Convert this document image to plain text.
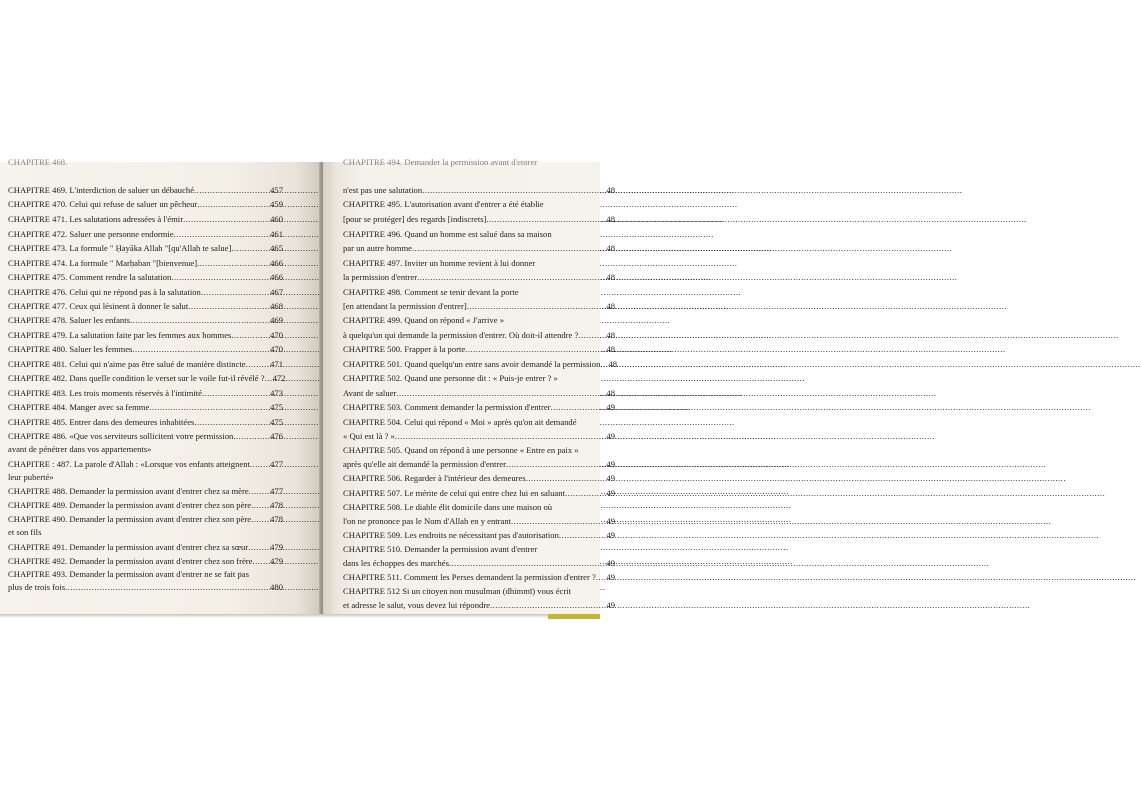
CHAPITRE 468.
CHAPITRE 469. L'interdiction de saluer un débauché .....	457
CHAPITRE 470. Celui qui refuse de saluer un pêcheur .....	459
CHAPITRE 471. Les salutations adressées à l'émir .....	460
CHAPITRE 472. Saluer une personne endormie .....	461
CHAPITRE 473. La formule " Ḥayāka Allah "[qu'Allah te salue] .....	465
CHAPITRE 474. La formule " Marḥaban "[bienvenue] .....	466
CHAPITRE 475. Comment rendre la salutation .....	466
CHAPITRE 476. Celui qui ne répond pas à la salutation .....	467
CHAPITRE 477. Ceux qui lésinent à donner le salut .....	468
CHAPITRE 478. Saluer les enfants .....	469
CHAPITRE 479. La salutation faite par les femmes aux hommes .....	470
CHAPITRE 480. Saluer les femmes .....	470
CHAPITRE 481. Celui qui n'aime pas être salué de manière distincte .....	471
CHAPITRE 482. Dans quelle condition le verset sur le voile fut-il révélé ? ..... 472
CHAPITRE 483. Les trois moments réservés à l'intimité .....	473
CHAPITRE 484. Manger avec sa femme .....	475
CHAPITRE 485. Entrer dans des demeures inhabitées .....	475
CHAPITRE 486. «Que vos serviteurs sollicitent votre permission .....	476
avant de pénétrer dans vos appartements»
CHAPITRE : 487. La parole d'Allah : «Lorsque vos enfants atteignent ..... 477
leur puberté»
CHAPITRE 488. Demander la permission avant d'entrer chez sa mère ..... 477
CHAPITRE 489. Demander la permission avant d'entrer chez son père ..... 478
CHAPITRE 490. Demander la permission avant d'entrer chez son père ..... 478
et son fils
CHAPITRE 491. Demander la permission avant d'entrer chez sa sœur .....	479
CHAPITRE 492. Demander la permission avant d'entrer chez son frère ..... 479
CHAPITRE 493. Demander la permission avant d'entrer ne se fait pas
plus de trois fois .....	480
CHAPITRE 494. Demander la permission avant d'entrer
n'est pas une salutation .....	48
CHAPITRE 495. L'autorisation avant d'entrer a été établie
[pour se protéger] des regards [indiscrets] .....	48
CHAPITRE 496. Quand un homme est salué dans sa maison
par un autre homme .....	48
CHAPITRE 497. Inviter un homme revient à lui donner
la permission d'entrer .....	48
CHAPITRE 498. Comment se tenir devant la porte
[en attendant la permission d'entrer] .....	48
CHAPITRE 499. Quand on répond « J'arrive »
à quelqu'un qui demande la permission d'entrer. Où doit-il attendre ? .....	48
CHAPITRE 500. Frapper à la porte .....	48
CHAPITRE 501. Quand quelqu'un entre sans avoir demandé la permission ..... 48
CHAPITRE 502. Quand une personne dit : « Puis-je entrer ? »
Avant de saluer .....	48
CHAPITRE 503. Comment demander la permission d'entrer .....	49
CHAPITRE 504. Celui qui répond « Moi » après qu'on ait demandé
« Qui est là ? » .....	49
CHAPITRE 505. Quand on répond à une personne « Entre en paix »
après qu'elle ait demandé la permission d'entrer .....	49
CHAPITRE 506. Regarder à l'intérieur des demeures .....	49
CHAPITRE 507. Le mérite de celui qui entre chez lui en saluant .....	49
CHAPITRE 508. Le diable élit domicile dans une maison où
l'on ne prononce pas le Nom d'Allah en y entrant .....	49
CHAPITRE 509. Les endroits ne nécessitant pas d'autorisation .....	49
CHAPITRE 510. Demander la permission avant d'entrer
dans les échoppes des marchés .....	49
CHAPITRE 511. Comment les Perses demandent la permission d'entrer ? ..... 49
CHAPITRE 512 Si un citoyen non musulman (dhimmī) vous écrit
et adresse le salut, vous devez lui répondre .....	49
